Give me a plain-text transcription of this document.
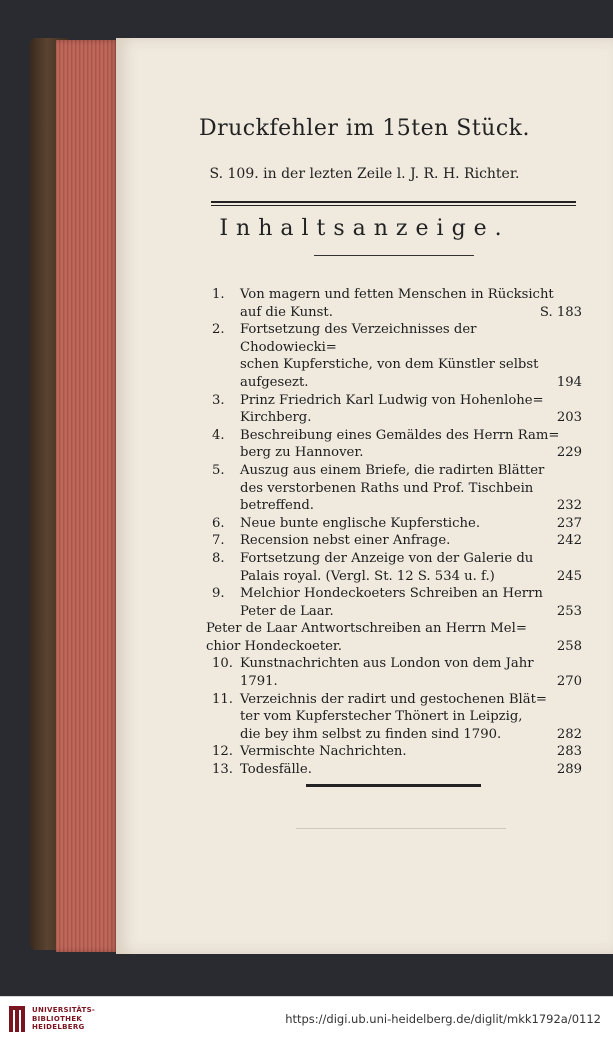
Druckfehler im 15ten Stück.
S. 109. in der lezten Zeile l. J. R. H. Richter.
Inhaltsanzeige.
1.	Von magern und fetten Menschen in Rücksicht
auf die Kunst.	S. 183
2.	Fortsetzung des Verzeichnisses der Chodowiecki=
schen Kupferstiche, von dem Künstler selbst
aufgesezt.	194
3.	Prinz Friedrich Karl Ludwig von Hohenlohe=
Kirchberg.	203
4.	Beschreibung eines Gemäldes des Herrn Ram=
berg zu Hannover.	229
5.	Auszug aus einem Briefe, die radirten Blätter
des verstorbenen Raths und Prof. Tischbein
betreffend.	232
6.	Neue bunte englische Kupferstiche.	237
7.	Recension nebst einer Anfrage.	242
8.	Fortsetzung der Anzeige von der Galerie du
Palais royal. (Vergl. St. 12 S. 534 u. f.)	245
9.	Melchior Hondeckoeters Schreiben an Herrn
Peter de Laar.	253
Peter de Laar Antwortschreiben an Herrn Mel=
chior Hondeckoeter.	258
10. Kunstnachrichten aus London von dem Jahr
1791.	270
11. Verzeichnis der radirt und gestochenen Blät=
ter vom Kupferstecher Thönert in Leipzig,
die bey ihm selbst zu finden sind 1790.	282
12. Vermischte Nachrichten.	283
13. Todesfälle.	289
UNIVERSITÄTS-
BIBLIOTHEK
HEIDELBERG
https://digi.ub.uni-heidelberg.de/diglit/mkk1792a/0112
